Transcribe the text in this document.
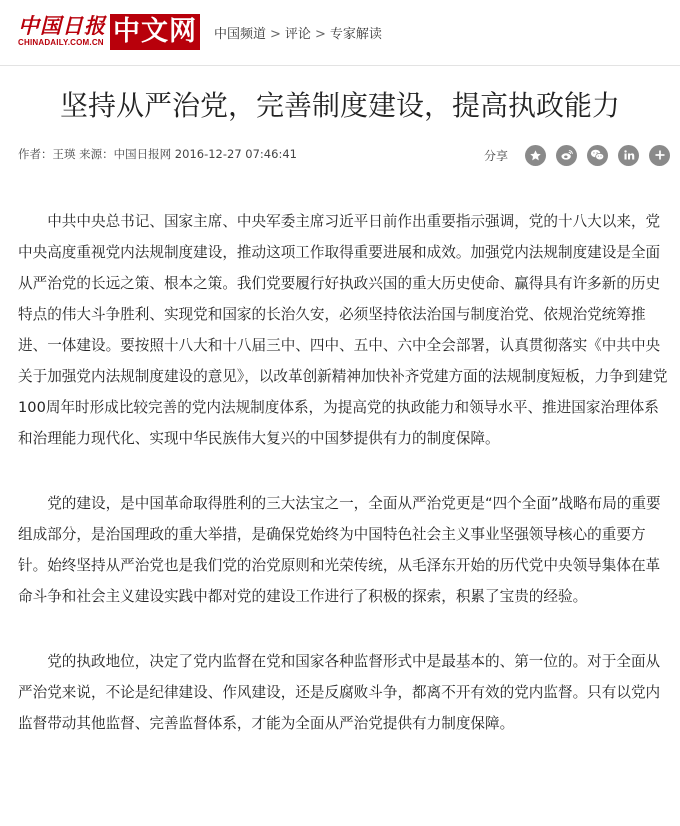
中国日报
CHINADAILY.COM.CN 中文网 中国频道 > 评论 > 专家解读
坚持从严治党，完善制度建设，提高执政能力
作者：王瑛 来源：中国日报网 2016-12-27 07:46:41	分享

中共中央总书记、国家主席、中央军委主席习近平日前作出重要指示强调，党的十八大以来，党中央高度重视党内法规制度建设，推动这项工作取得重要进展和成效。加强党内法规制度建设是全面从严治党的长远之策、根本之策。我们党要履行好执政兴国的重大历史使命、赢得具有许多新的历史特点的伟大斗争胜利、实现党和国家的长治久安，必须坚持依法治国与制度治党、依规治党统筹推进、一体建设。要按照十八大和十八届三中、四中、五中、六中全会部署，认真贯彻落实《中共中央关于加强党内法规制度建设的意见》，以改革创新精神加快补齐党建方面的法规制度短板，力争到建党100周年时形成比较完善的党内法规制度体系，为提高党的执政能力和领导水平、推进国家治理体系和治理能力现代化、实现中华民族伟大复兴的中国梦提供有力的制度保障。

党的建设，是中国革命取得胜利的三大法宝之一，全面从严治党更是“四个全面”战略布局的重要组成部分，是治国理政的重大举措，是确保党始终为中国特色社会主义事业坚强领导核心的重要方针。始终坚持从严治党也是我们党的治党原则和光荣传统，从毛泽东开始的历代党中央领导集体在革命斗争和社会主义建设实践中都对党的建设工作进行了积极的探索，积累了宝贵的经验。

党的执政地位，决定了党内监督在党和国家各种监督形式中是最基本的、第一位的。对于全面从严治党来说，不论是纪律建设、作风建设，还是反腐败斗争，都离不开有效的党内监督。只有以党内监督带动其他监督、完善监督体系，才能为全面从严治党提供有力制度保障。
